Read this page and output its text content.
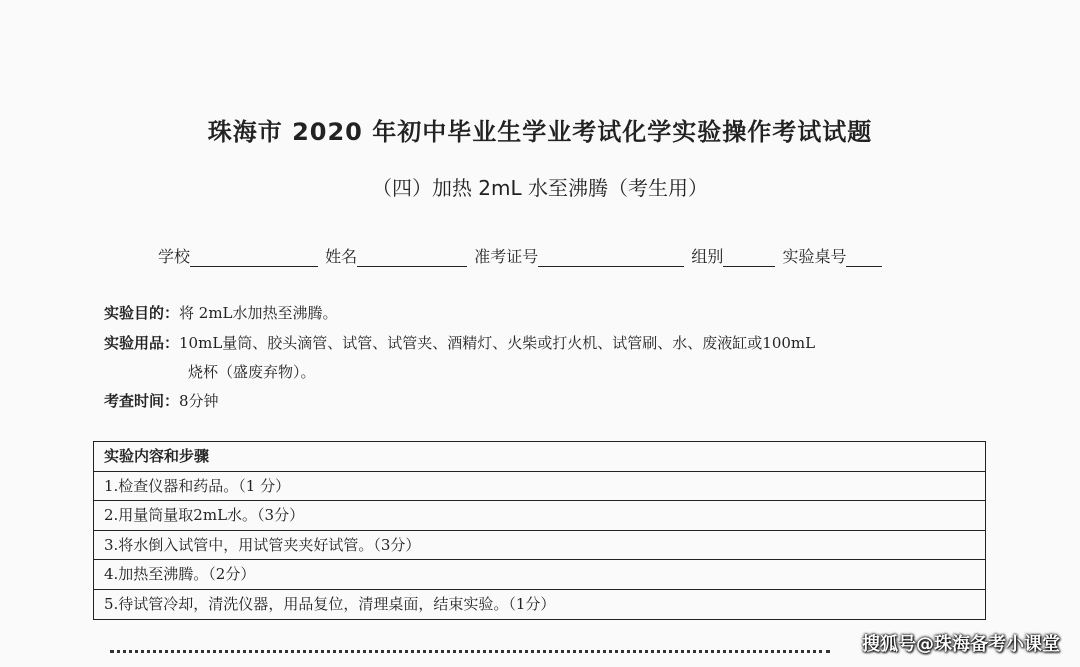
珠海市 2020 年初中毕业生学业考试化学实验操作考试试题
（四）加热 2mL 水至沸腾（考生用）
学校	姓名	准考证号	组别	实验桌号
实验目的：将 2mL水加热至沸腾。
实验用品：10mL量筒、胶头滴管、试管、试管夹、酒精灯、火柴或打火机、试管刷、水、废液缸或100mL
烧杯（盛废弃物）。
考查时间：8分钟
实验内容和步骤
1.检查仪器和药品。（1 分）
2.用量筒量取2mL水。（3分）
3.将水倒入试管中，用试管夹夹好试管。（3分）
4.加热至沸腾。（2分）
5.待试管冷却，清洗仪器，用品复位，清理桌面，结束实验。（1分）
搜狐号@珠海备考小课堂
